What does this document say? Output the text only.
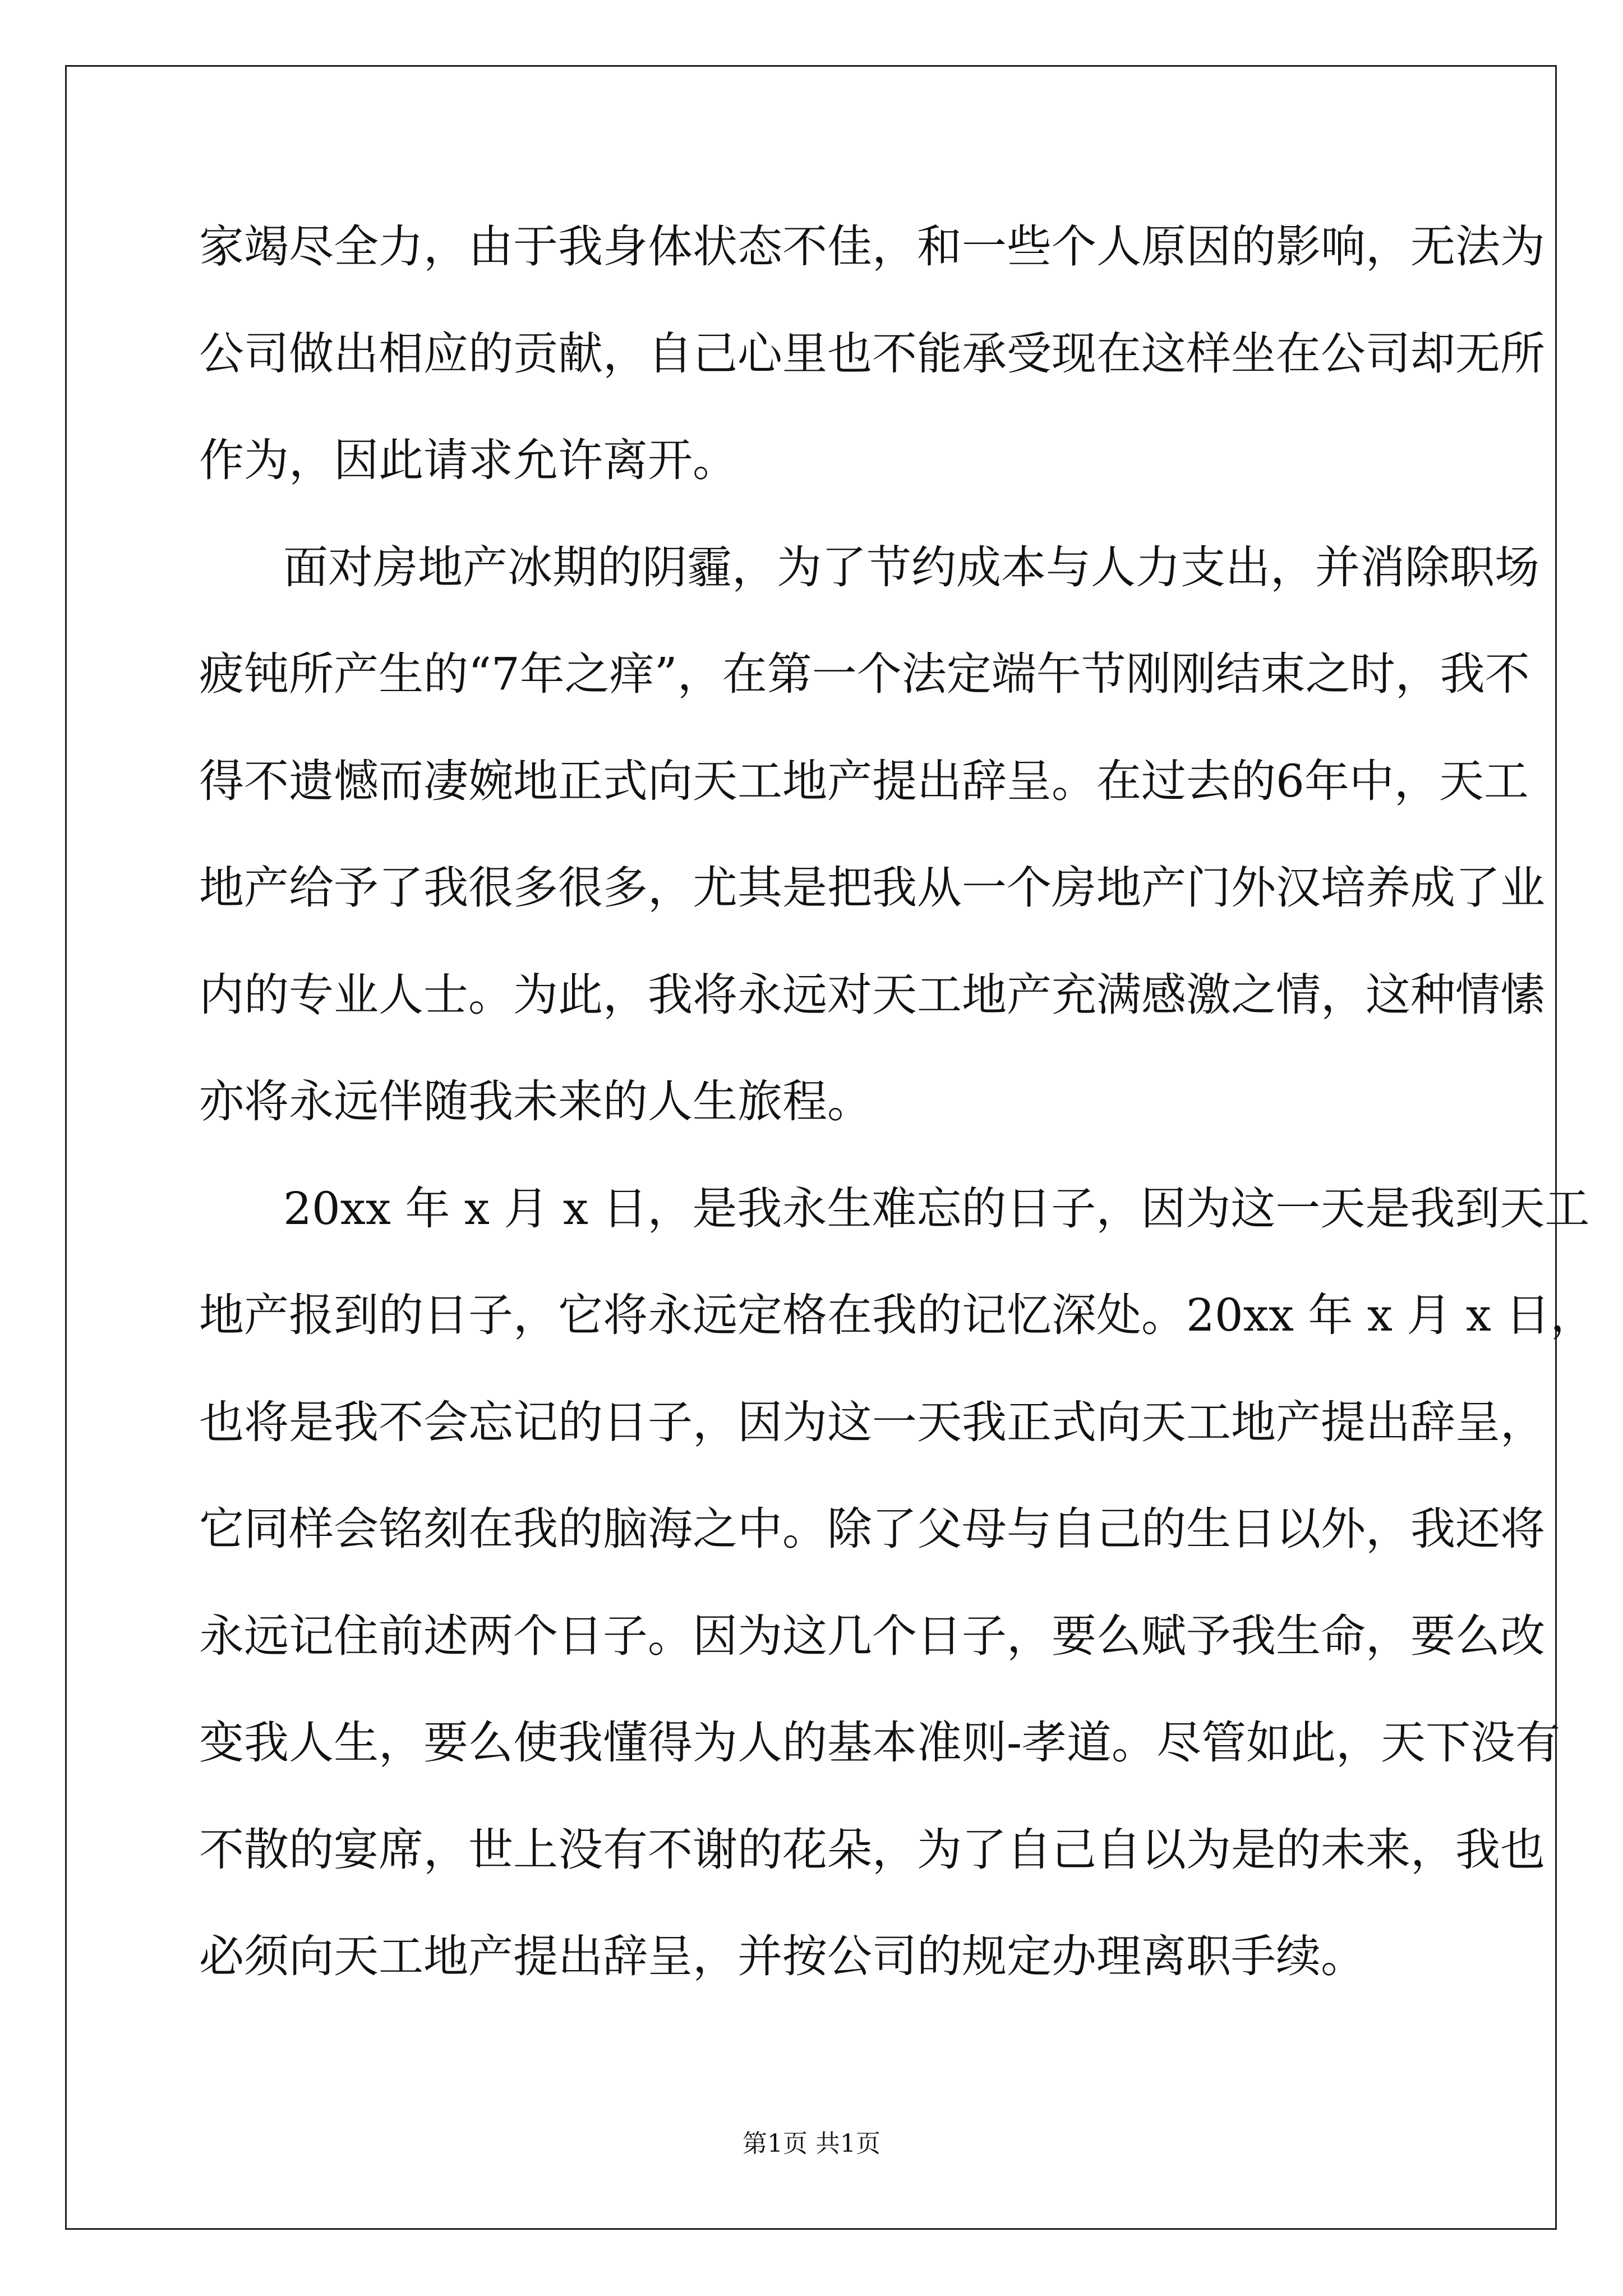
家竭尽全力，由于我身体状态不佳，和一些个人原因的影响，无法为
公司做出相应的贡献，自己心里也不能承受现在这样坐在公司却无所
作为，因此请求允许离开。
面对房地产冰期的阴霾，为了节约成本与人力支出，并消除职场
疲钝所产生的“7年之痒”，在第一个法定端午节刚刚结束之时，我不
得不遗憾而凄婉地正式向天工地产提出辞呈。在过去的6年中，天工
地产给予了我很多很多，尤其是把我从一个房地产门外汉培养成了业
内的专业人士。为此，我将永远对天工地产充满感激之情，这种情愫
亦将永远伴随我未来的人生旅程。
20xx 年 x 月 x 日，是我永生难忘的日子，因为这一天是我到天工
地产报到的日子，它将永远定格在我的记忆深处。20xx 年 x 月 x 日，
也将是我不会忘记的日子，因为这一天我正式向天工地产提出辞呈，
它同样会铭刻在我的脑海之中。除了父母与自己的生日以外，我还将
永远记住前述两个日子。因为这几个日子，要么赋予我生命，要么改
变我人生，要么使我懂得为人的基本准则-孝道。尽管如此，天下没有
不散的宴席，世上没有不谢的花朵，为了自己自以为是的未来，我也
必须向天工地产提出辞呈，并按公司的规定办理离职手续。
第1页 共1页
